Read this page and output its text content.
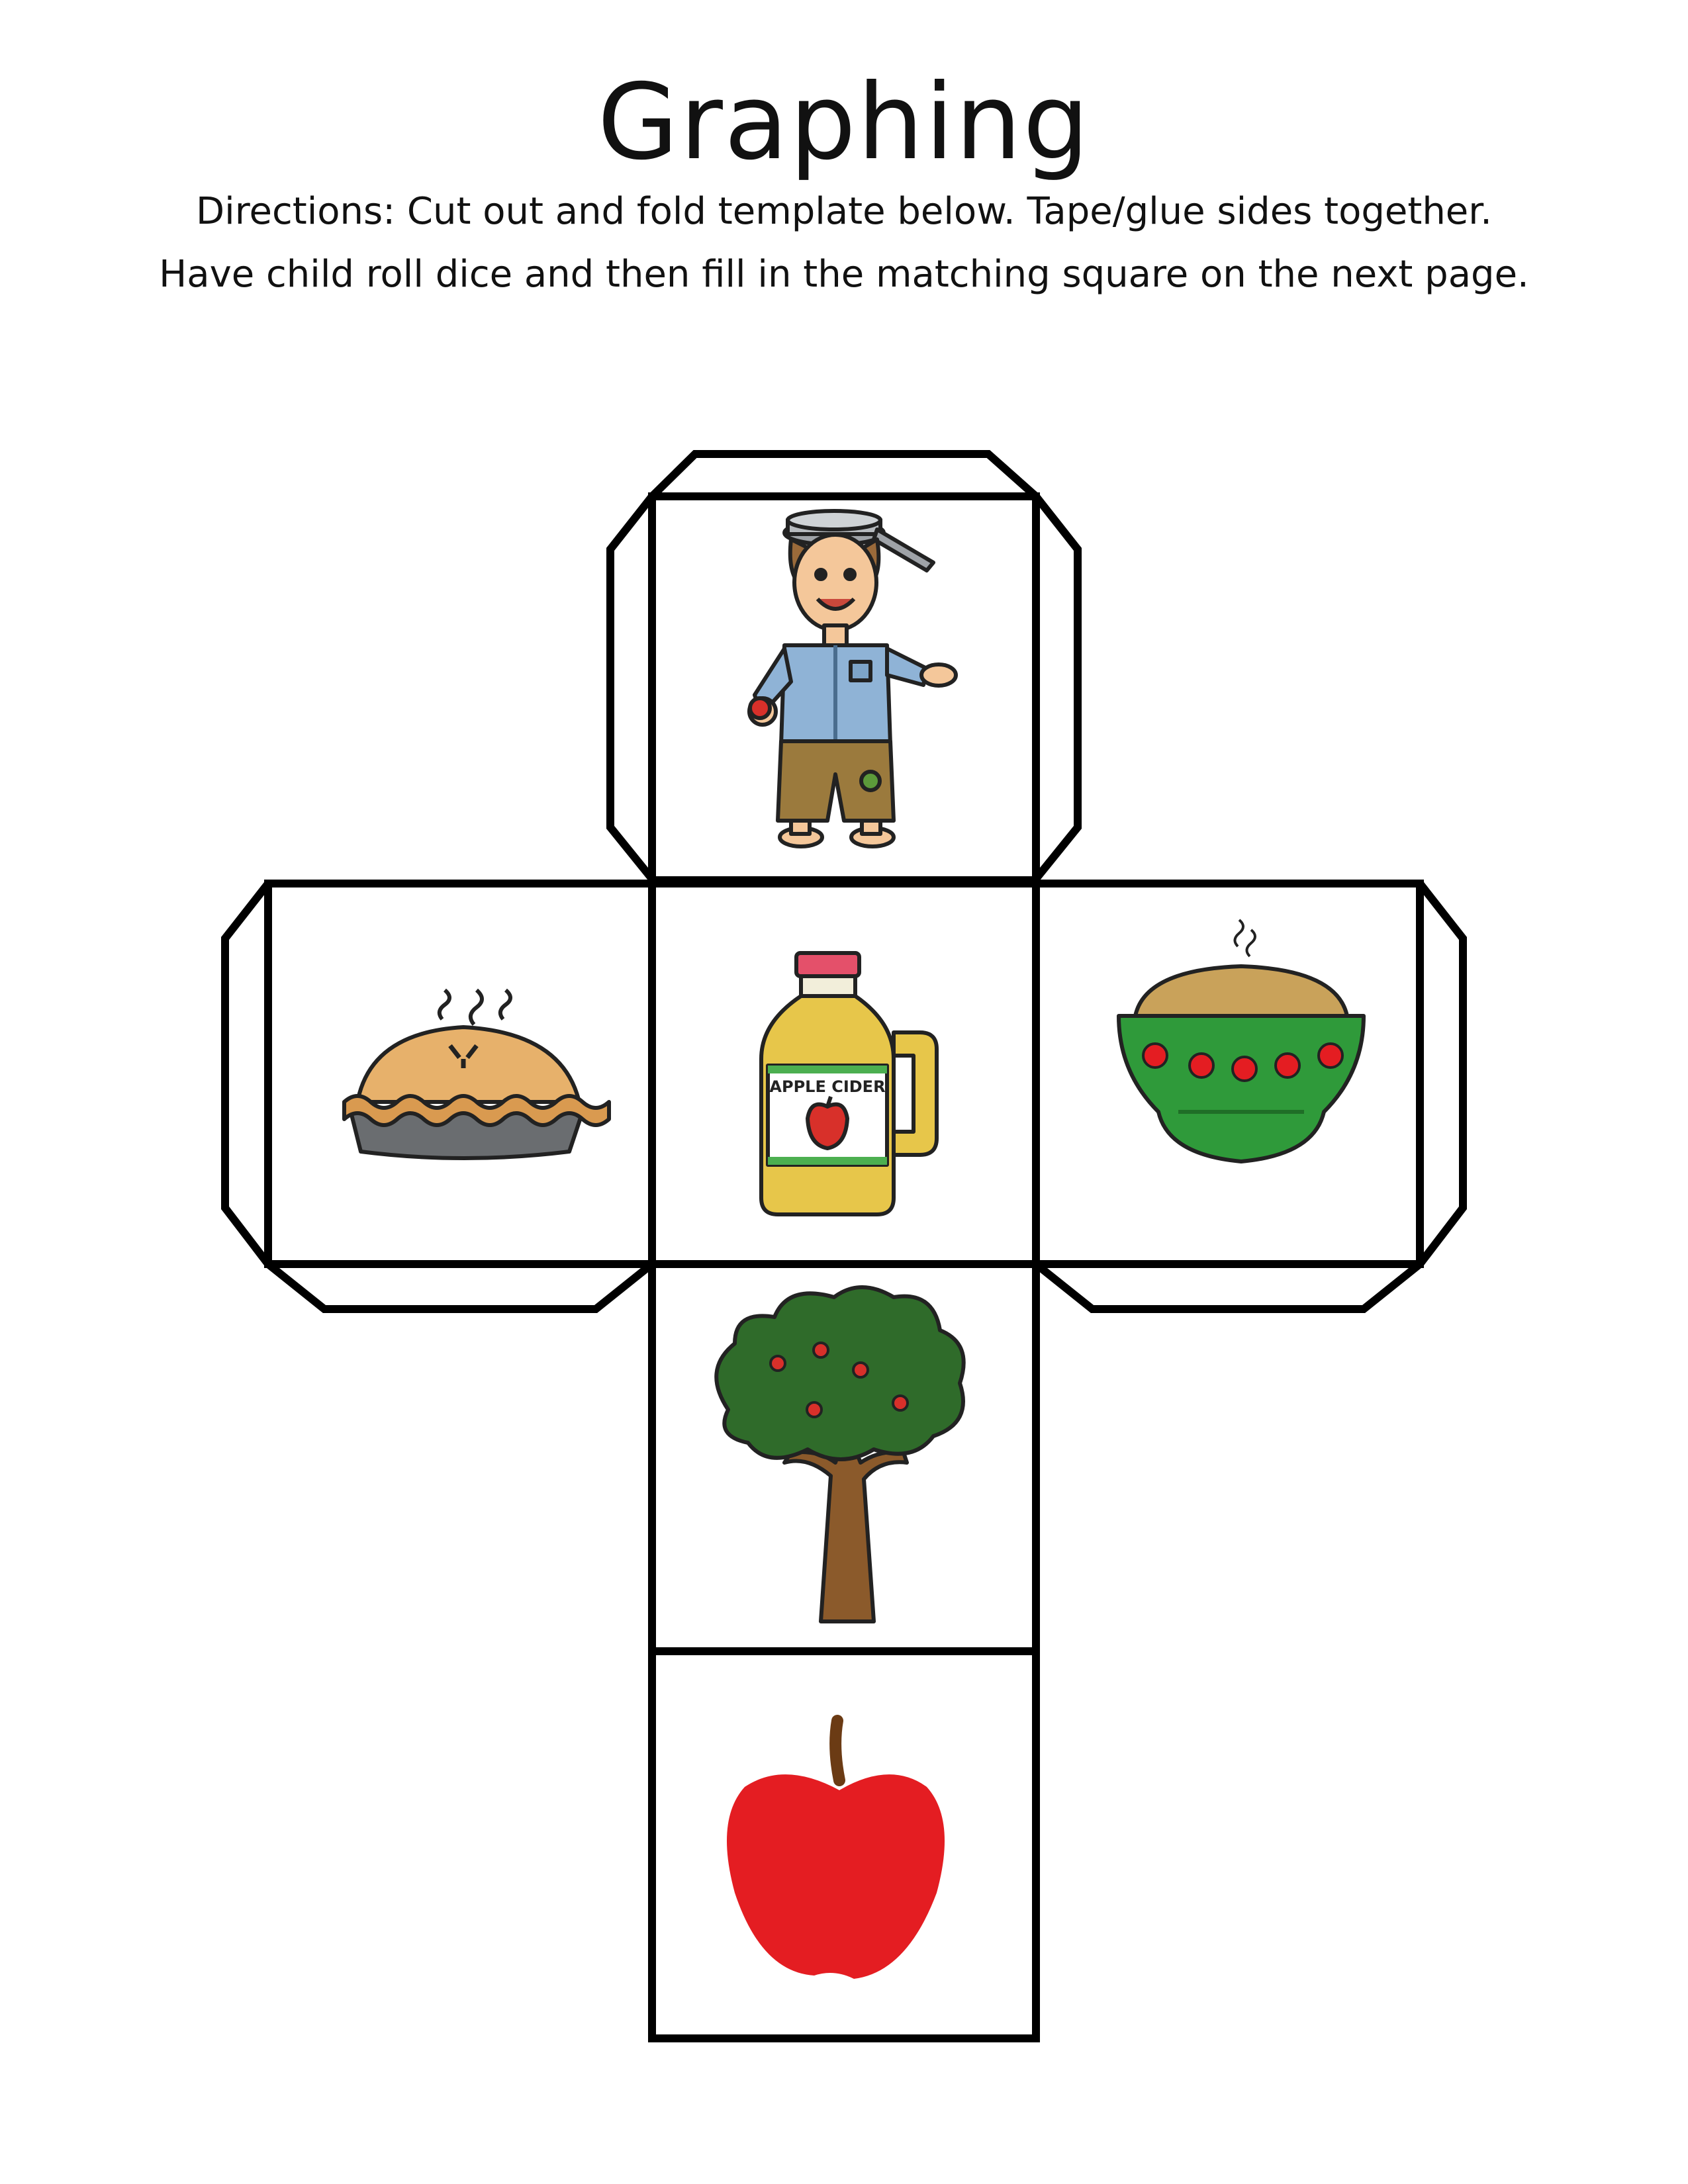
Graphing
Directions: Cut out and fold template below. Tape/glue sides together.
Have child roll dice and then fill in the matching square on the next page.
APPLE CIDER
